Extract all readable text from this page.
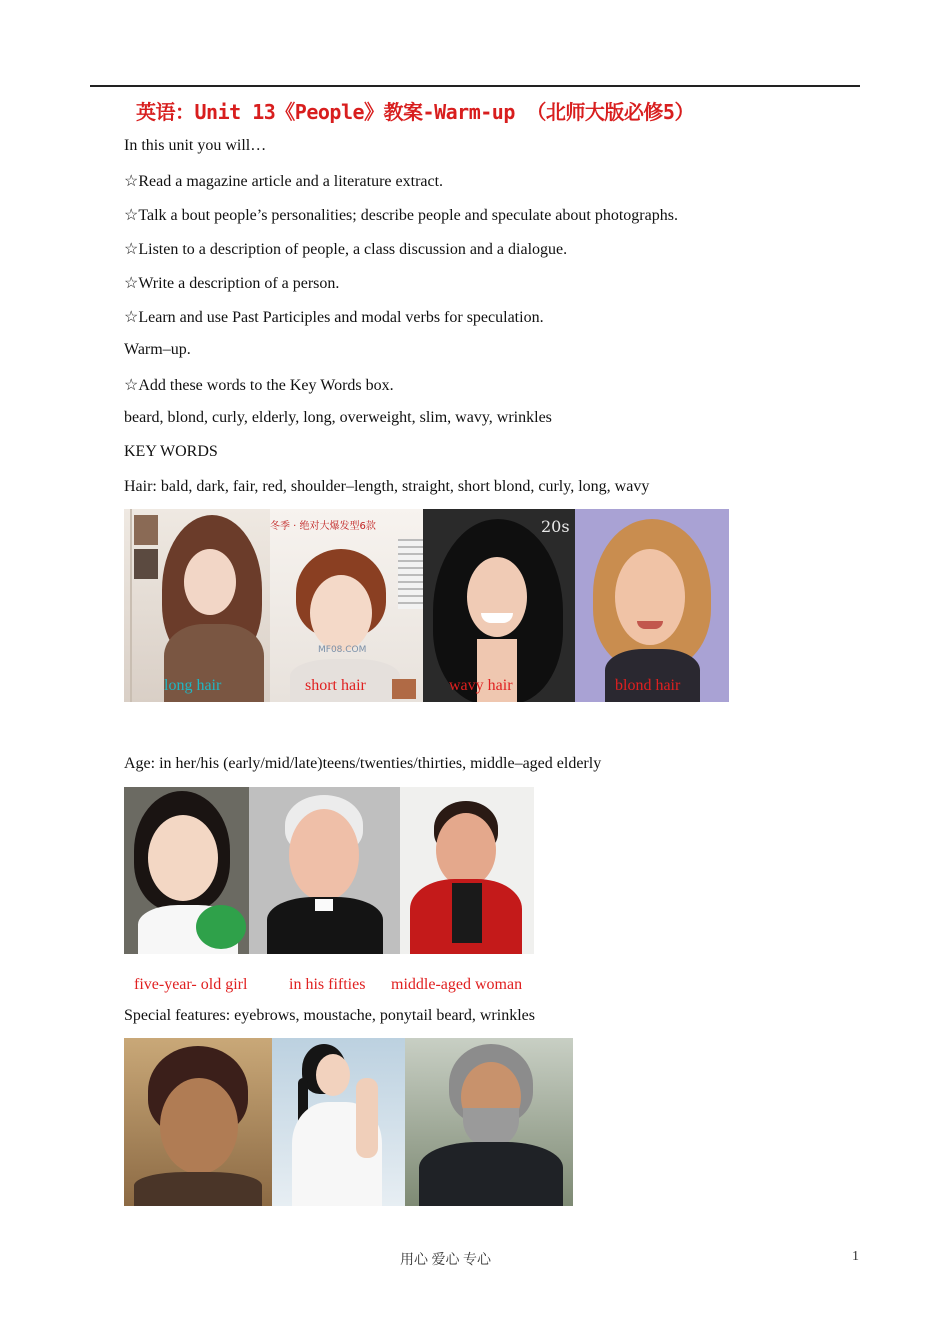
英语：Unit 13《People》教案-Warm-up （北师大版必修5）
In this unit you will…
☆Read a magazine article and a literature extract.
☆Talk a bout people’s personalities; describe people and speculate about photographs.
☆Listen to a description of people, a class discussion and a dialogue.
☆Write a description of a person.
☆Learn and use Past Participles and modal verbs for speculation.
Warm–up.
☆Add these words to the Key Words box.
beard, blond, curly, elderly, long, overweight, slim, wavy, wrinkles
KEY WORDS
Hair: bald, dark, fair, red, shoulder–length, straight, short blond, curly, long, wavy
long hair
冬季 · 绝对大爆发型6款
MF08.COM
short hair
20s
wavy hair	blond hair
Age: in her/his (early/mid/late)teens/twenties/thirties, middle–aged elderly
five-year- old girl	in his fifties middle-aged woman
Special features: eyebrows, moustache, ponytail beard, wrinkles
用心 爱心 专心	1
